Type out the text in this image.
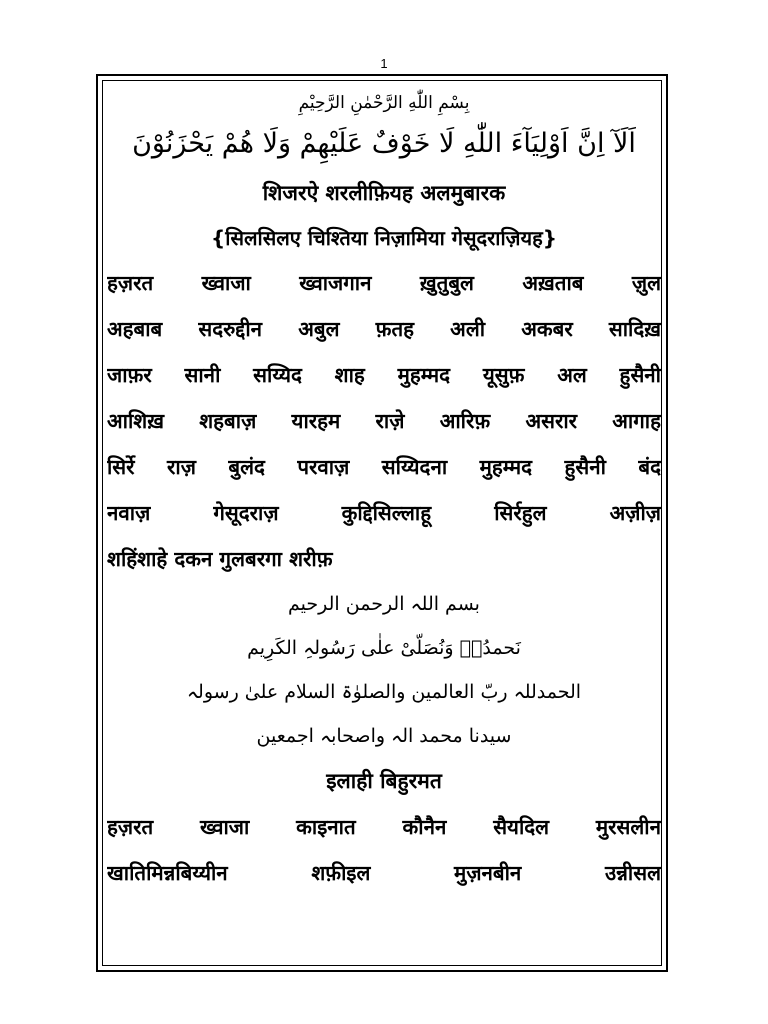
1
بِسْمِ اللّٰهِ الرَّحْمٰنِ الرَّحِیْمِ
اَلَآ اِنَّ اَوْلِیَآءَ اللّٰهِ لَا خَوْفٌ عَلَیْهِمْ وَلَا هُمْ یَحْزَنُوْنَ
शिजरऐ शरलीफ़ियह अलमुबारक
{सिलसिलए चिश्तिया निज़ामिया गेसूदराज़ियह}
हज़रत ख्वाजा ख्वाजगान ख़ुतुबुल अख़ताब ज़ुल
अहबाब सदरुद्दीन अबुल फ़तह अली अकबर सादिख़
जाफ़र सानी सय्यिद शाह मुहम्मद यूसुफ़ अल हुसैनी
आशिख़ शहबाज़ यारहम राज़े आरिफ़ असरार आगाह
सिर्रे राज़ बुलंद परवाज़ सय्यिदना मुहम्मद हुसैनी बंद
नवाज़ गेसूदराज़ कुद्दिसिल्लाहू सिर्रहुल अज़ीज़
शहिंशाहे दकन गुलबरगा शरीफ़
بسم اللہ الرحمن الرحیم
نَحمدُہٗ وَنُصَلّیْ علٰی رَسُولہِ الکَرِیم
الحمدللہ ربّ العالمین والصلوٰۃ السلام علیٰ رسولہ
سیدنا محمد الہ واصحابہ اجمعین
इलाही बिहुरमत
हज़रत ख्वाजा काइनात कौनैन सैयदिल मुरसलीन
खातिमिन्नबिय्यीन शफ़ीइल मुज़नबीन उन्नीसल
